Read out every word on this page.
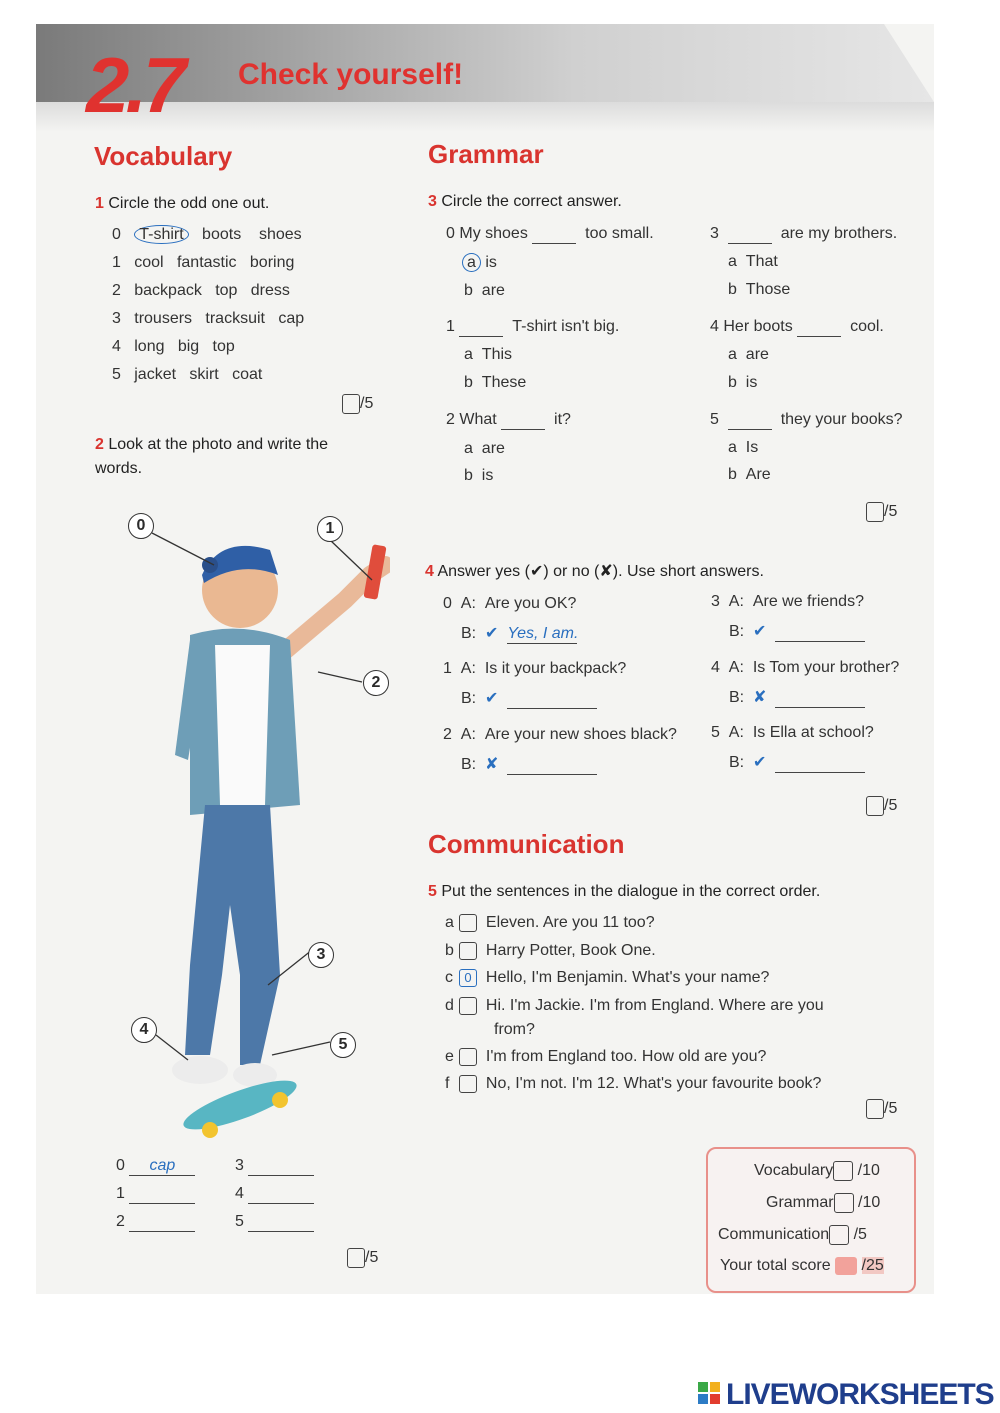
2.7 Check yourself!
Vocabulary	Grammar
Communication
1 Circle the odd one out.
0 T-shirt boots shoes
1 cool fantastic boring
2 backpack top dress
3 trousers tracksuit cap
4 long big top
5 jacket skirt coat
/5
2 Look at the photo and write the words.
0	1
2
3
4
5
0 cap
1
2
3
4
5
/5
3 Circle the correct answer.
0 My shoes	too small.
a is
b are
1	T-shirt isn't big.
a This
b These
2 What	it?
a are
b is
3	are my brothers.
a That
b Those
4 Her boots	cool.
a are
b is
5	they your books?
a Is
b Are
/5
4 Answer yes (✔) or no (✘). Use short answers.
0 A: Are you OK?
B: ✔ Yes, I am.
1 A: Is it your backpack?
B: ✔
2 A: Are your new shoes black?
B: ✘
3 A: Are we friends?
B: ✔
4 A: Is Tom your brother?
B: ✘
5 A: Is Ella at school?
B: ✔
/5
5 Put the sentences in the dialogue in the correct order.
a Eleven. Are you 11 too?
b Harry Potter, Book One.
c 0 Hello, I'm Benjamin. What's your name?
d Hi. I'm Jackie. I'm from England. Where are you
from?
e I'm from England too. How old are you?
f No, I'm not. I'm 12. What's your favourite book?
/5
Vocabulary /10
Grammar /10
Communication /5
Your total score /25
LIVEWORKSHEETS
